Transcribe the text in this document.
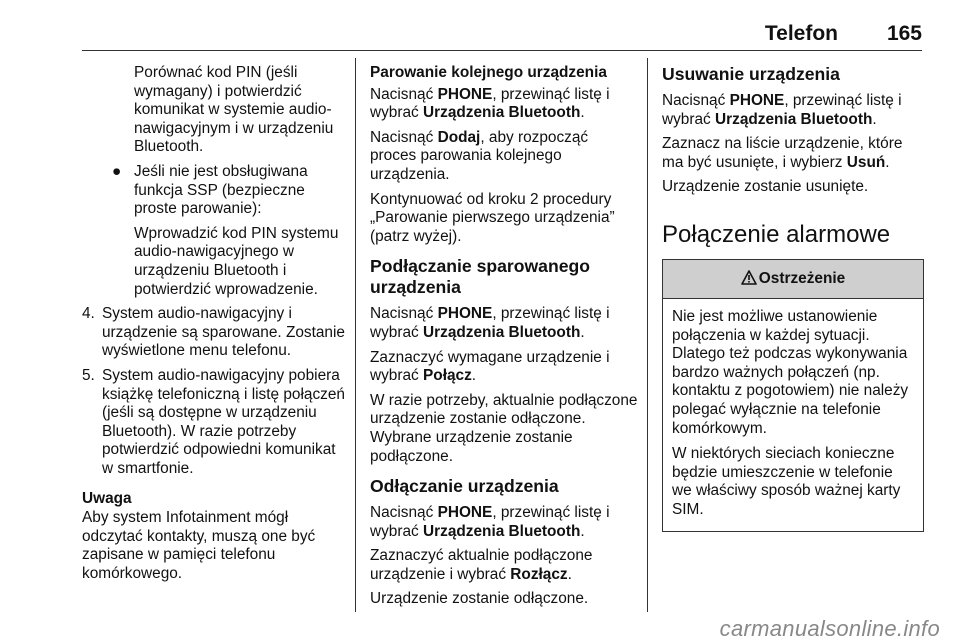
Telefon 165

Porównać kod PIN (jeśli wymagany) i potwierdzić komunikat w systemie audio-nawigacyjnym i w urządzeniu Bluetooth.

● Jeśli nie jest obsługiwana funkcja SSP (bezpieczne proste parowanie):

Wprowadzić kod PIN systemu audio-nawigacyjnego w urządzeniu Bluetooth i potwierdzić wprowadzenie.

4. System audio-nawigacyjny i urządzenie są sparowane. Zostanie wyświetlone menu telefonu.

5. System audio-nawigacyjny pobiera książkę telefoniczną i listę połączeń (jeśli są dostępne w urządzeniu Bluetooth). W razie potrzeby potwierdzić odpowiedni komunikat w smartfonie.

Uwaga
Aby system Infotainment mógł odczytać kontakty, muszą one być zapisane w pamięci telefonu komórkowego.
Parowanie kolejnego urządzenia

Nacisnąć PHONE, przewinąć listę i wybrać Urządzenia Bluetooth.

Nacisnąć Dodaj, aby rozpocząć proces parowania kolejnego urządzenia.

Kontynuować od kroku 2 procedury „Parowanie pierwszego urządzenia” (patrz wyżej).

Podłączanie sparowanego urządzenia

Nacisnąć PHONE, przewinąć listę i wybrać Urządzenia Bluetooth.

Zaznaczyć wymagane urządzenie i wybrać Połącz.

W razie potrzeby, aktualnie podłączone urządzenie zostanie odłączone. Wybrane urządzenie zostanie podłączone.

Odłączanie urządzenia

Nacisnąć PHONE, przewinąć listę i wybrać Urządzenia Bluetooth.

Zaznaczyć aktualnie podłączone urządzenie i wybrać Rozłącz.

Urządzenie zostanie odłączone.

Usuwanie urządzenia

Nacisnąć PHONE, przewinąć listę i wybrać Urządzenia Bluetooth.

Zaznacz na liście urządzenie, które ma być usunięte, i wybierz Usuń.

Urządzenie zostanie usunięte.

Połączenie alarmowe
Ostrzeżenie

Nie jest możliwe ustanowienie połączenia w każdej sytuacji. Dlatego też podczas wykonywania bardzo ważnych połączeń (np. kontaktu z pogotowiem) nie należy polegać wyłącznie na telefonie komórkowym.

W niektórych sieciach konieczne będzie umieszczenie w telefonie we właściwy sposób ważnej karty SIM.

carmanualsonline.info
